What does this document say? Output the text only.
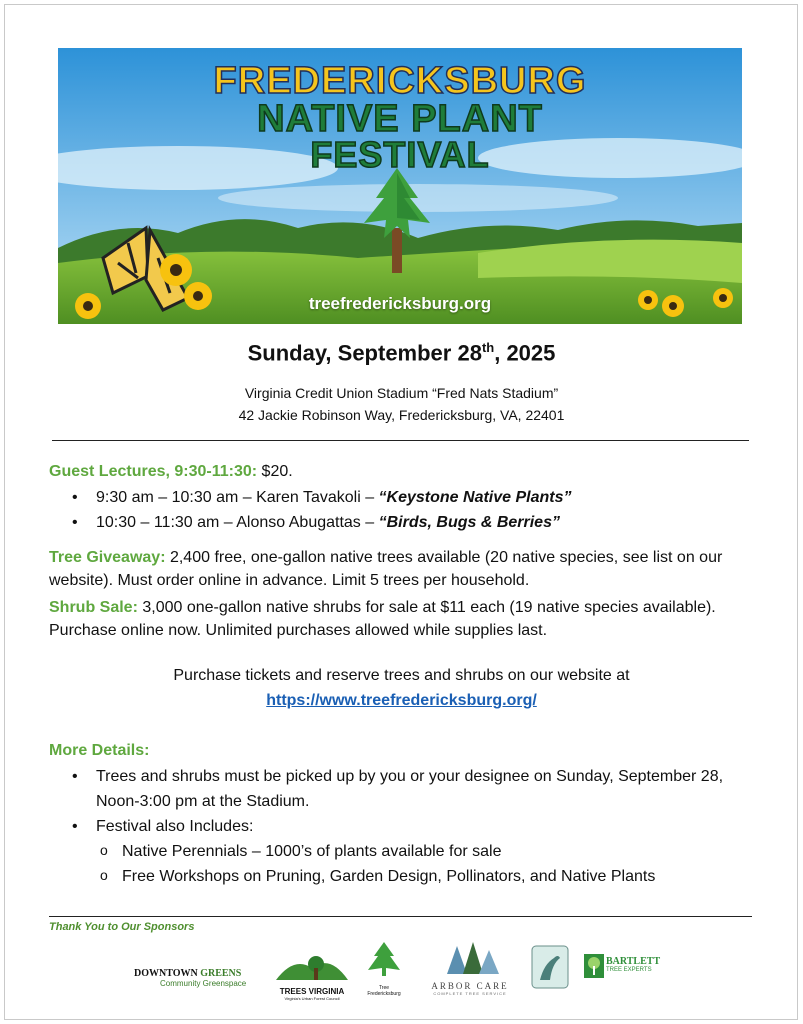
FREDERICKSBURG
NATIVE PLANT
FESTIVAL
treefredericksburg.org
Sunday, September 28th, 2025
Virginia Credit Union Stadium “Fred Nats Stadium”
42 Jackie Robinson Way, Fredericksburg, VA, 22401
Guest Lectures, 9:30-11:30: $20.
• 9:30 am – 10:30 am – Karen Tavakoli – “Keystone Native Plants”
• 10:30 – 11:30 am – Alonso Abugattas – “Birds, Bugs & Berries”
Tree Giveaway: 2,400 free, one-gallon native trees available (20 native species, see list on our website). Must order online in advance. Limit 5 trees per household.
Shrub Sale: 3,000 one-gallon native shrubs for sale at $11 each (19 native species available). Purchase online now. Unlimited purchases allowed while supplies last.
Purchase tickets and reserve trees and shrubs on our website at
https://www.treefredericksburg.org/
More Details:
• Trees and shrubs must be picked up by you or your designee on Sunday, September 28, Noon-3:00 pm at the Stadium.
• Festival also Includes:
o Native Perennials – 1000’s of plants available for sale
o Free Workshops on Pruning, Garden Design, Pollinators, and Native Plants
Thank You to Our Sponsors
DOWNTOWN GREENS
Community Greenspace
TREES VIRGINIA
Virginia's Urban Forest Council
Tree
Fredericksburg
ARBOR CARE
COMPLETE TREE SERVICE
BARTLETT
TREE EXPERTS
